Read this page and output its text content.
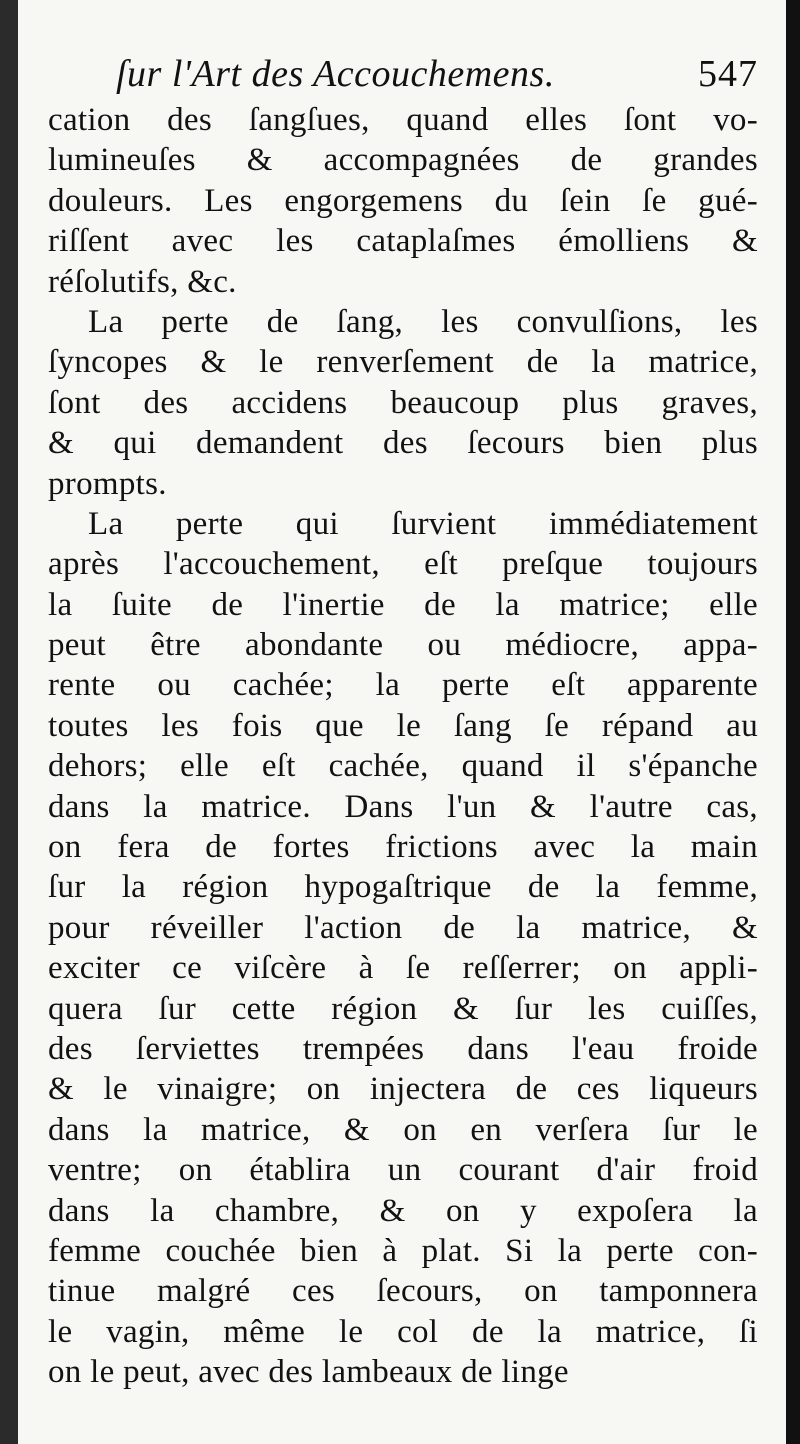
ſur l'Art des Accouchemens.	547
cation des ſangſues, quand elles ſont vo-
lumineuſes & accompagnées de grandes
douleurs. Les engorgemens du ſein ſe gué-
riſſent avec les cataplaſmes émolliens &
réſolutifs, &c.
La perte de ſang, les convulſions, les
ſyncopes & le renverſement de la matrice,
ſont des accidens beaucoup plus graves,
& qui demandent des ſecours bien plus
prompts.
La perte qui ſurvient immédiatement
après l'accouchement, eſt preſque toujours
la ſuite de l'inertie de la matrice; elle
peut être abondante ou médiocre, appa-
rente ou cachée; la perte eſt apparente
toutes les fois que le ſang ſe répand au
dehors; elle eſt cachée, quand il s'épanche
dans la matrice. Dans l'un & l'autre cas,
on fera de fortes frictions avec la main
ſur la région hypogaſtrique de la femme,
pour réveiller l'action de la matrice, &
exciter ce viſcère à ſe reſſerrer; on appli-
quera ſur cette région & ſur les cuiſſes,
des ſerviettes trempées dans l'eau froide
& le vinaigre; on injectera de ces liqueurs
dans la matrice, & on en verſera ſur le
ventre; on établira un courant d'air froid
dans la chambre, & on y expoſera la
femme couchée bien à plat. Si la perte con-
tinue malgré ces ſecours, on tamponnera
le vagin, même le col de la matrice, ſi
on le peut, avec des lambeaux de linge
